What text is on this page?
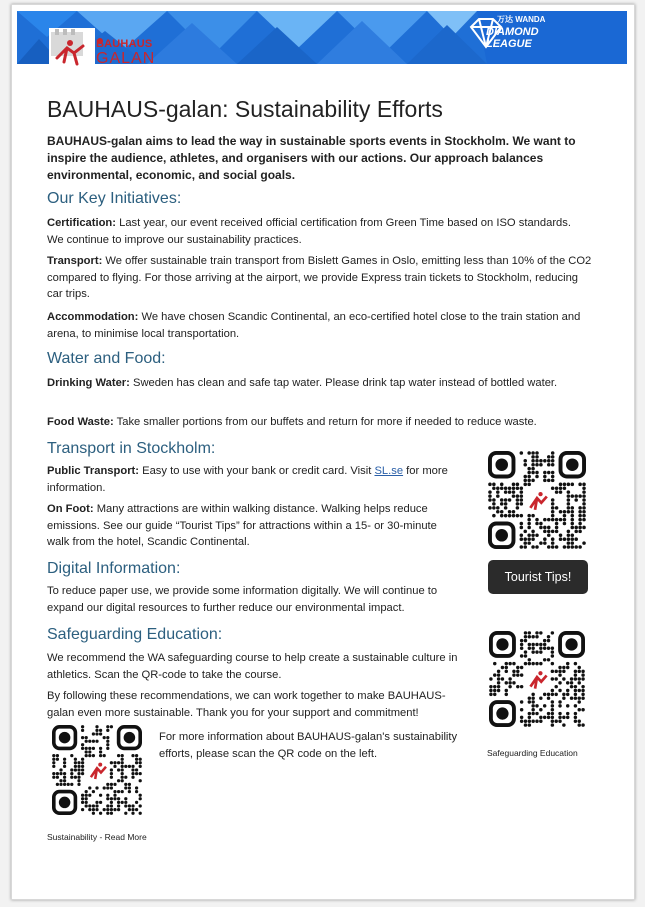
万达 WANDA
DIAMOND
LEAGUE
BAUHAUS
GALAN
BAUHAUS-galan: Sustainability Efforts
BAUHAUS-galan aims to lead the way in sustainable sports events in Stockholm. We want to inspire the audience, athletes, and organisers with our actions. Our approach balances environmental, economic, and social goals.
Our Key Initiatives:
Certification: Last year, our event received official certification from Green Time based on ISO standards. We continue to improve our sustainability practices.
Transport: We offer sustainable train transport from Bislett Games in Oslo, emitting less than 10% of the CO2 compared to flying. For those arriving at the airport, we provide Express train tickets to Stockholm, reducing car trips.
Accommodation: We have chosen Scandic Continental, an eco-certified hotel close to the train station and arena, to minimise local transportation.
Water and Food:
Drinking Water: Sweden has clean and safe tap water. Please drink tap water instead of bottled water.
Food Waste: Take smaller portions from our buffets and return for more if needed to reduce waste.
Transport in Stockholm:
Public Transport: Easy to use with your bank or credit card. Visit SL.se for more information.
On Foot: Many attractions are within walking distance. Walking helps reduce emissions. See our guide “Tourist Tips” for attractions within a 15- or 30-minute walk from the hotel, Scandic Continental.
Tourist Tips!
Digital Information:
To reduce paper use, we provide some information digitally. We will continue to expand our digital resources to further reduce our environmental impact.
Safeguarding Education:
We recommend the WA safeguarding course to help create a sustainable culture in athletics. Scan the QR-code to take the course.
By following these recommendations, we can work together to make BAUHAUS-galan even more sustainable. Thank you for your support and commitment!
Safeguarding Education
For more information about BAUHAUS-galan's sustainability efforts, please scan the QR code on the left.
Sustainability - Read More
